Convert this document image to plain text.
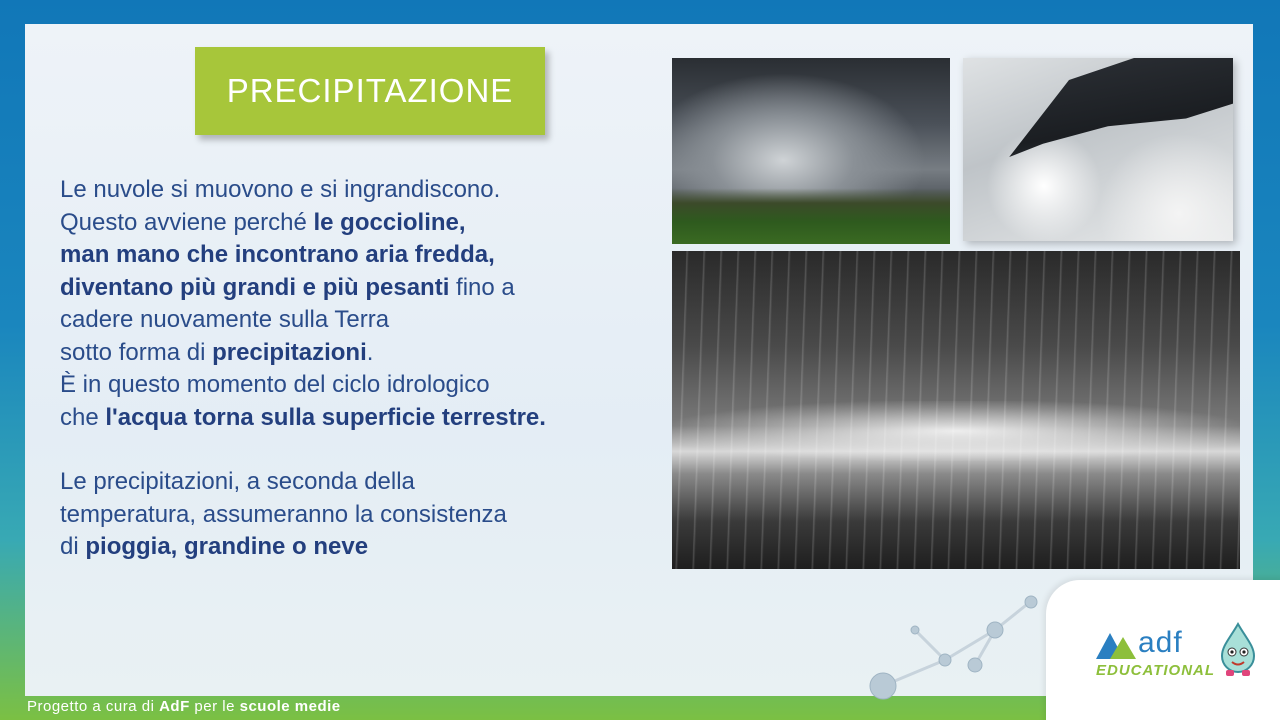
PRECIPITAZIONE

Le nuvole si muovono e si ingrandiscono.

Questo avviene perché le goccioline,

man mano che incontrano aria fredda,

diventano più grandi e più pesanti fino a

cadere nuovamente sulla Terra

sotto forma di precipitazioni.

È in questo momento del ciclo idrologico

che l'acqua torna sulla superficie terrestre.

Le precipitazioni, a seconda della

temperatura, assumeranno la consistenza

di pioggia, grandine o neve

adf
EDUCATIONAL
Progetto a cura di AdF per le scuole medie
